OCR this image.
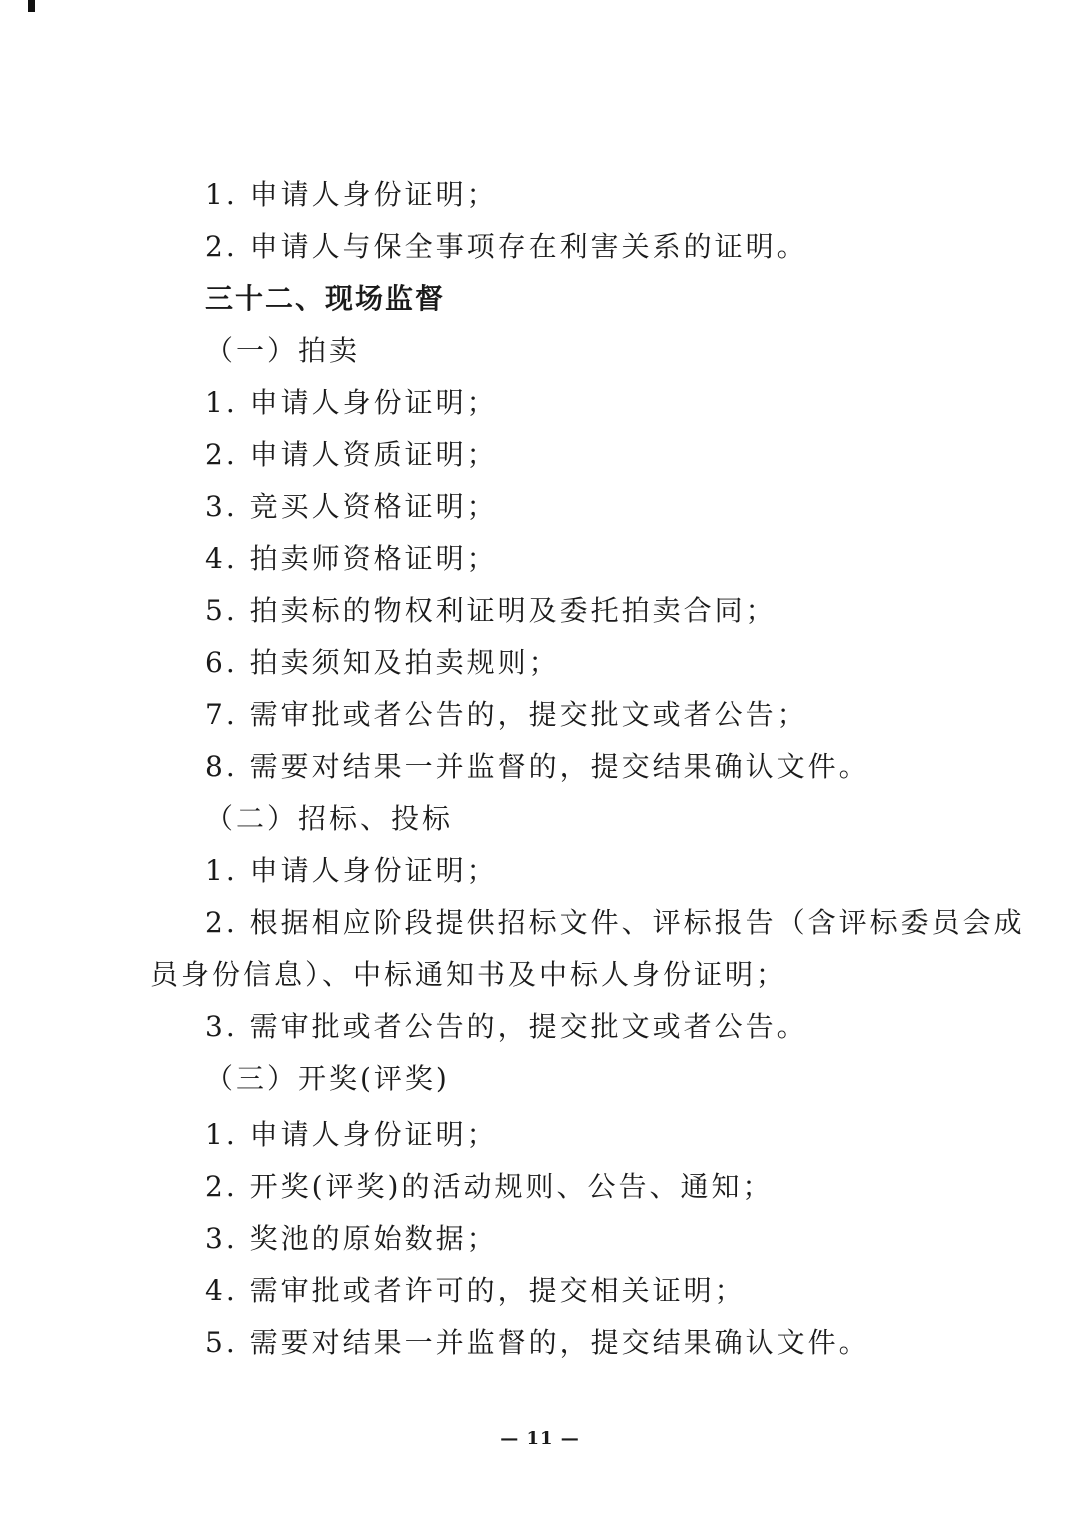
1. 申请人身份证明；
2. 申请人与保全事项存在利害关系的证明。
三十二、现场监督
（一）拍卖
1. 申请人身份证明；
2. 申请人资质证明；
3. 竞买人资格证明；
4. 拍卖师资格证明；
5. 拍卖标的物权利证明及委托拍卖合同；
6. 拍卖须知及拍卖规则；
7. 需审批或者公告的，提交批文或者公告；
8. 需要对结果一并监督的，提交结果确认文件。
（二）招标、投标
1. 申请人身份证明；
2. 根据相应阶段提供招标文件、评标报告（含评标委员会成
员身份信息）、中标通知书及中标人身份证明；
3. 需审批或者公告的，提交批文或者公告。
（三）开奖(评奖)
1. 申请人身份证明；
2. 开奖(评奖)的活动规则、公告、通知；
3. 奖池的原始数据；
4. 需审批或者许可的，提交相关证明；
5. 需要对结果一并监督的，提交结果确认文件。
— 11 —
